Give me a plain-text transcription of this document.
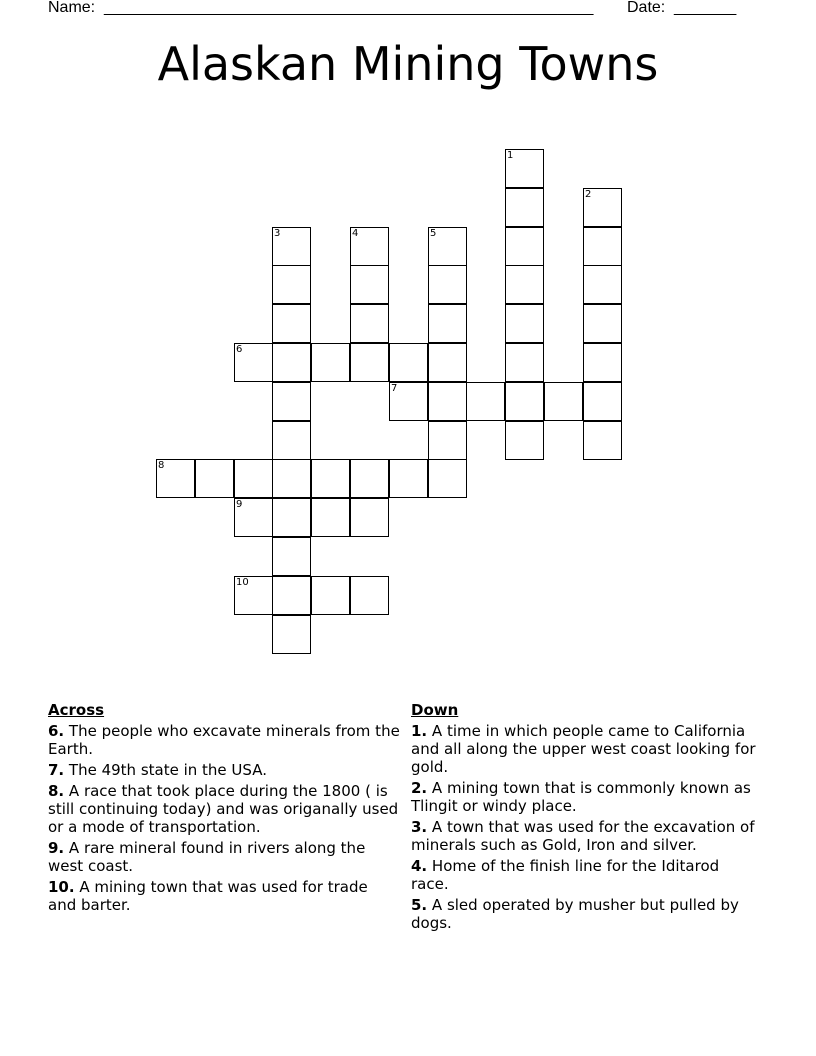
Name: _______________________________________________________ Date: _______
Alaskan Mining Towns
1
2
3	4	5
6
7
8
9
10
Across
6. The people who excavate minerals from the Earth.
7. The 49th state in the USA.
8. A race that took place during the 1800 ( is still continuing today) and was origanally used or a mode of transportation.
9. A rare mineral found in rivers along the west coast.
10. A mining town that was used for trade and barter.
Down
1. A time in which people came to California and all along the upper west coast looking for gold.
2. A mining town that is commonly known as Tlingit or windy place.
3. A town that was used for the excavation of minerals such as Gold, Iron and silver.
4. Home of the finish line for the Iditarod race.
5. A sled operated by musher but pulled by dogs.
